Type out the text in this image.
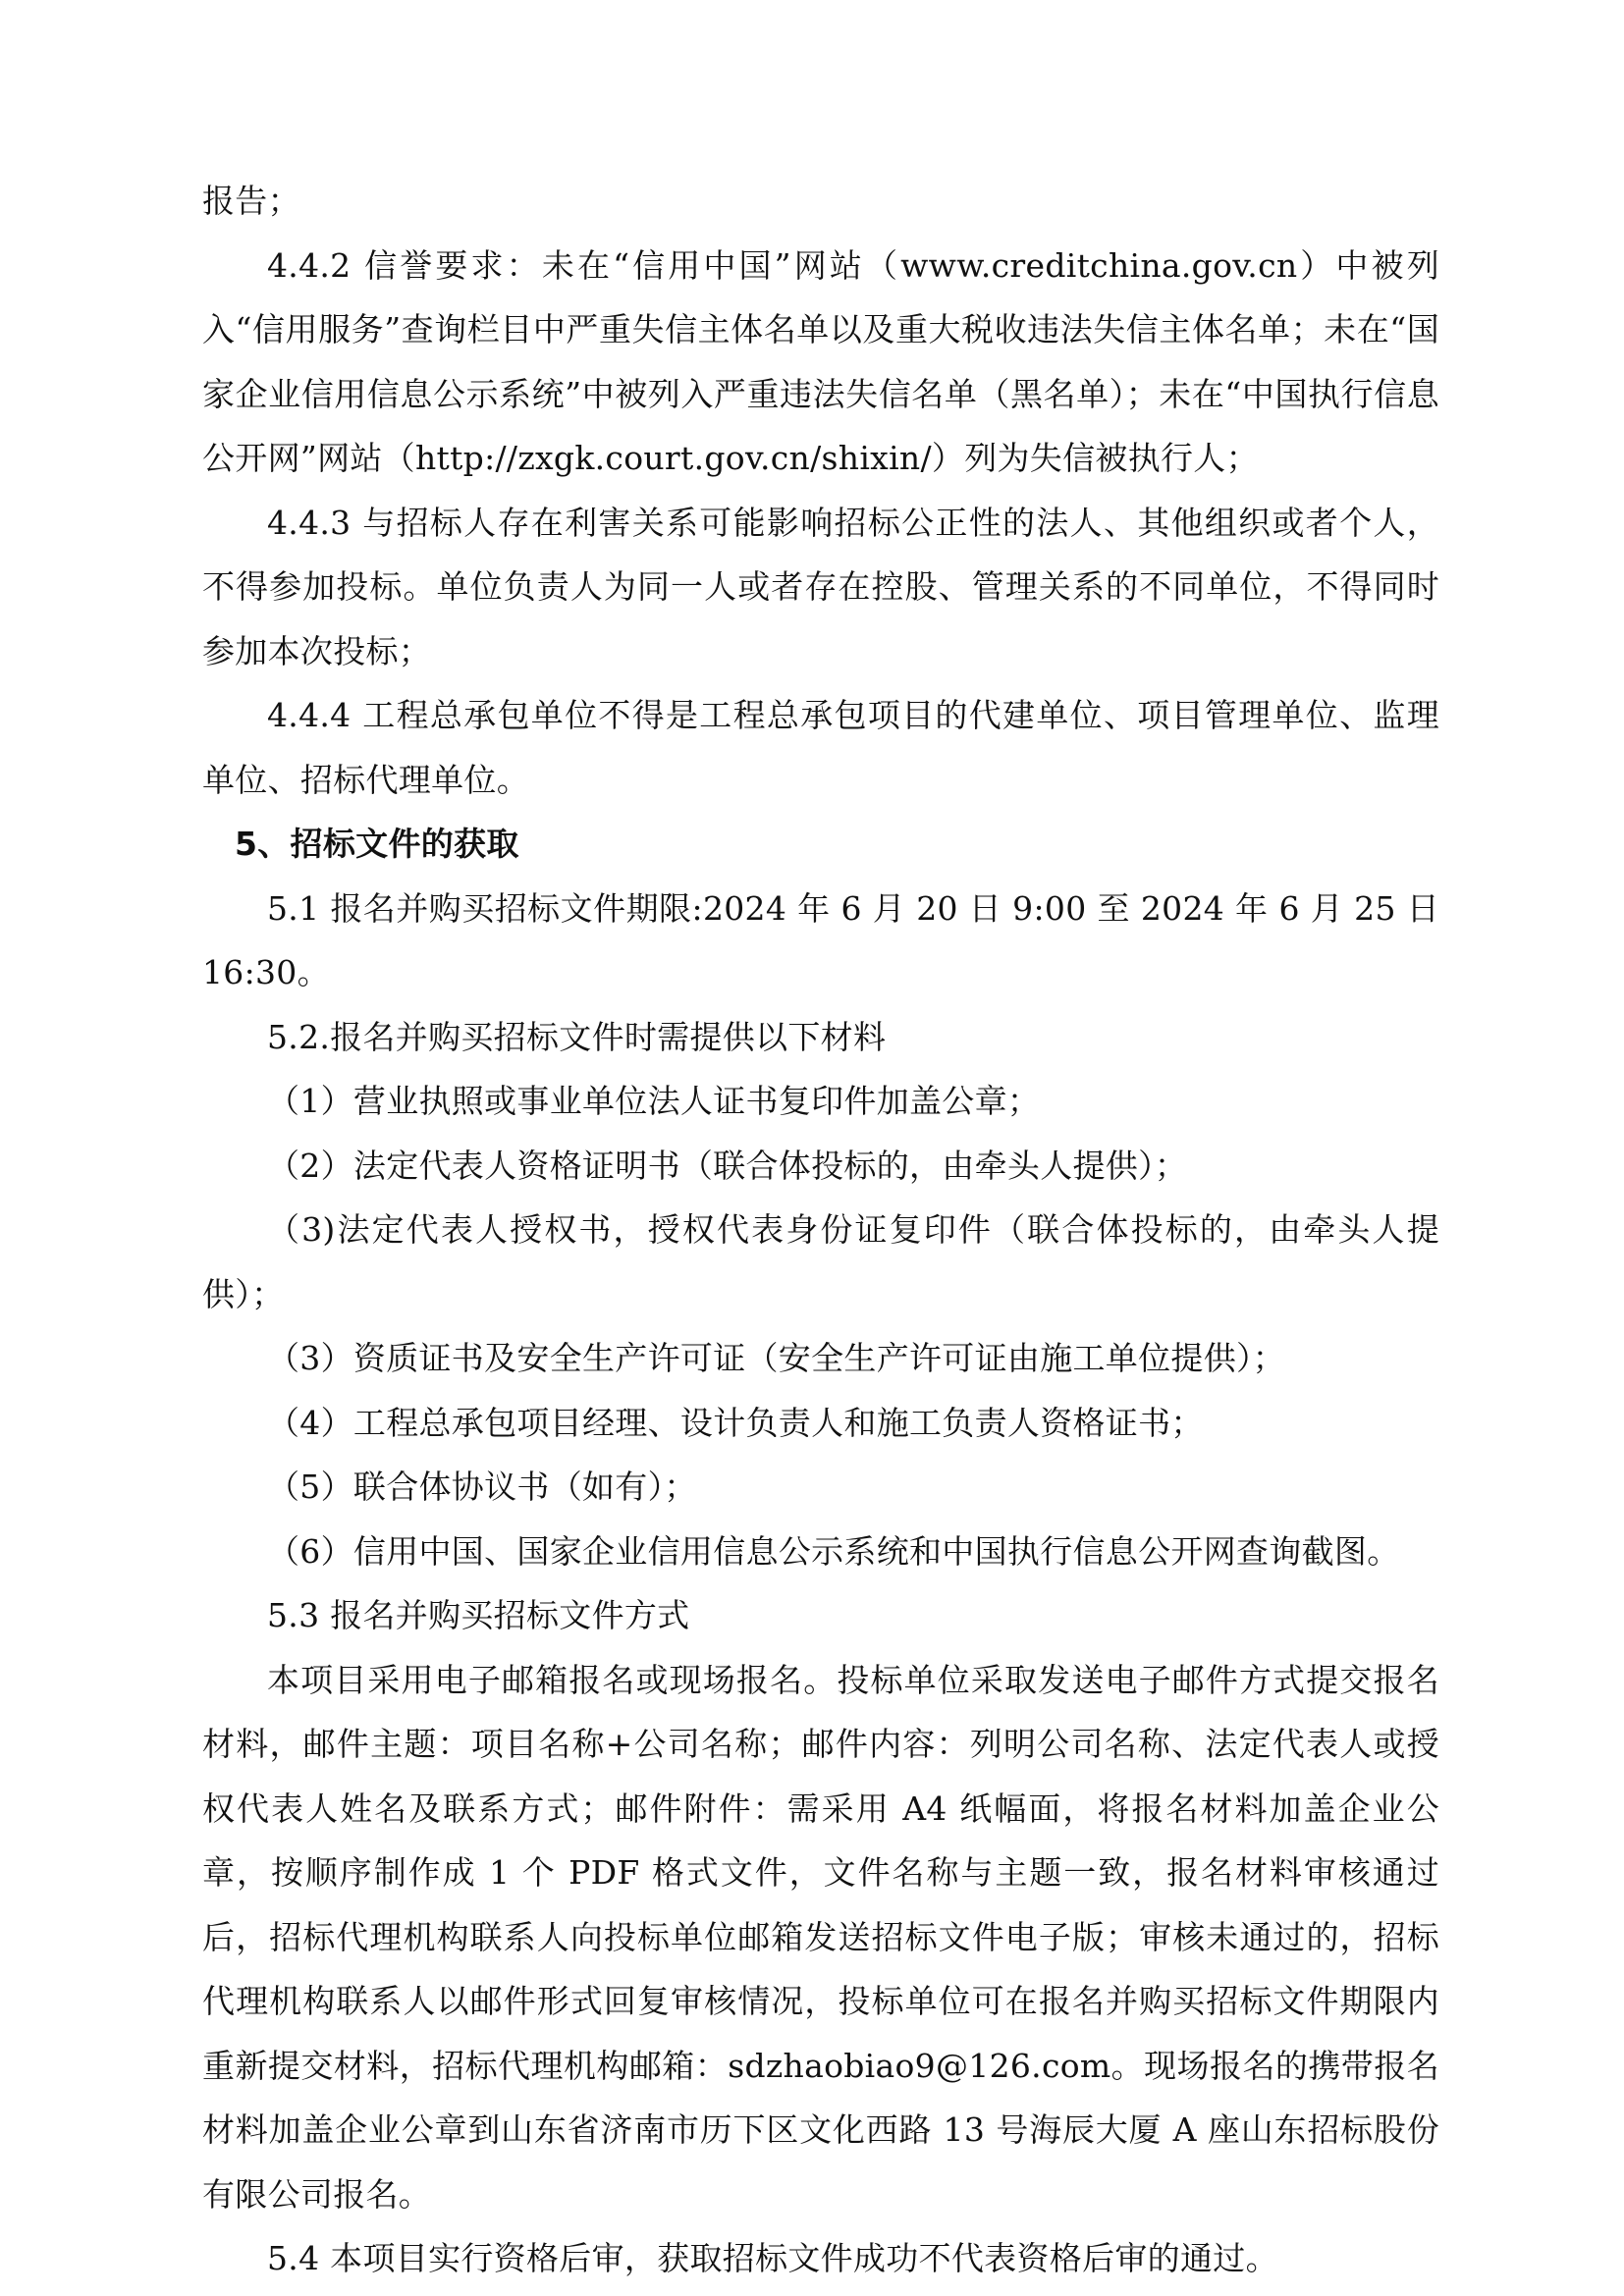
报告；

4.4.2 信誉要求：未在“信用中国”网站（www.creditchina.gov.cn）中被列入“信用服务”查询栏目中严重失信主体名单以及重大税收违法失信主体名单；未在“国家企业信用信息公示系统”中被列入严重违法失信名单（黑名单）；未在“中国执行信息公开网”网站（http://zxgk.court.gov.cn/shixin/）列为失信被执行人；

4.4.3 与招标人存在利害关系可能影响招标公正性的法人、其他组织或者个人，不得参加投标。单位负责人为同一人或者存在控股、管理关系的不同单位，不得同时参加本次投标；

4.4.4 工程总承包单位不得是工程总承包项目的代建单位、项目管理单位、监理单位、招标代理单位。

5、招标文件的获取

5.1 报名并购买招标文件期限:2024 年 6 月 20 日 9:00 至 2024 年 6 月 25 日 16:30。

5.2.报名并购买招标文件时需提供以下材料

（1）营业执照或事业单位法人证书复印件加盖公章；

（2）法定代表人资格证明书（联合体投标的，由牵头人提供）；

（3)法定代表人授权书，授权代表身份证复印件（联合体投标的，由牵头人提供）；

（3）资质证书及安全生产许可证（安全生产许可证由施工单位提供）；

（4）工程总承包项目经理、设计负责人和施工负责人资格证书；

（5）联合体协议书（如有）；

（6）信用中国、国家企业信用信息公示系统和中国执行信息公开网查询截图。

5.3 报名并购买招标文件方式

本项目采用电子邮箱报名或现场报名。投标单位采取发送电子邮件方式提交报名材料，邮件主题：项目名称+公司名称；邮件内容：列明公司名称、法定代表人或授权代表人姓名及联系方式；邮件附件：需采用 A4 纸幅面，将报名材料加盖企业公章，按顺序制作成 1 个 PDF 格式文件，文件名称与主题一致，报名材料审核通过后，招标代理机构联系人向投标单位邮箱发送招标文件电子版；审核未通过的，招标代理机构联系人以邮件形式回复审核情况，投标单位可在报名并购买招标文件期限内重新提交材料，招标代理机构邮箱：sdzhaobiao9@126.com。现场报名的携带报名材料加盖企业公章到山东省济南市历下区文化西路 13 号海辰大厦 A 座山东招标股份有限公司报名。

5.4 本项目实行资格后审，获取招标文件成功不代表资格后审的通过。
